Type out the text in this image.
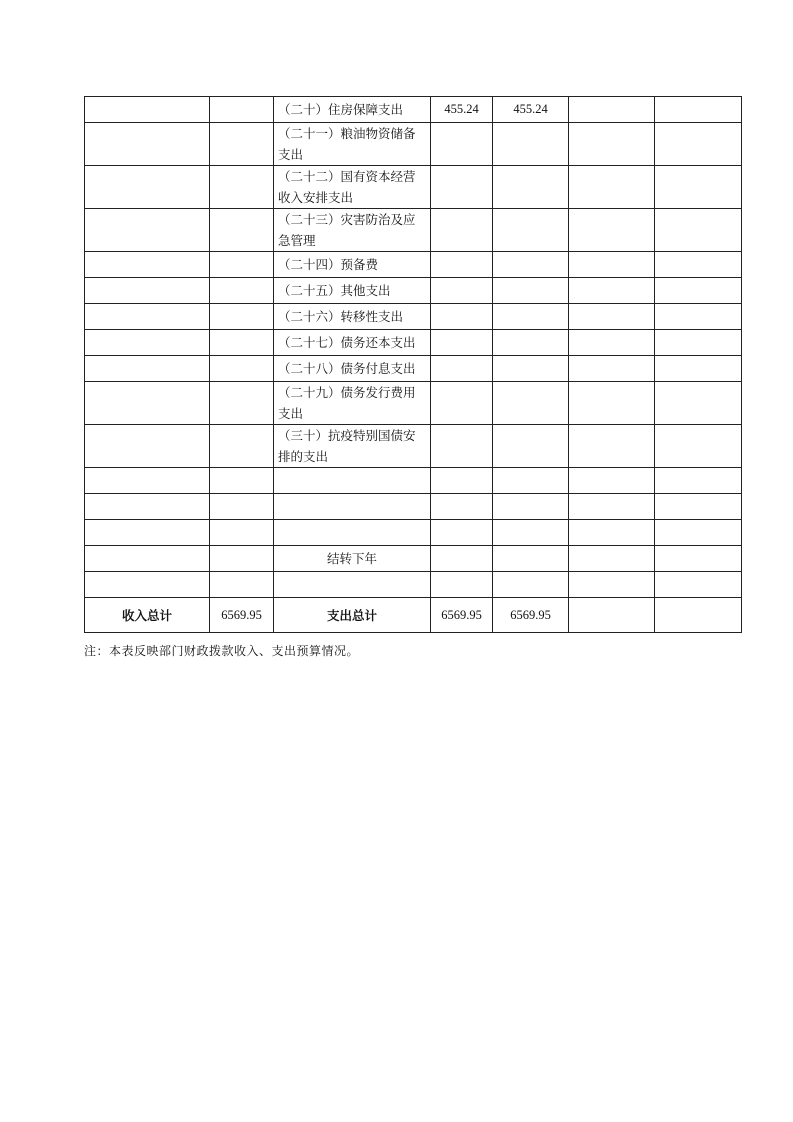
		（二十）住房保障支出	455.24	455.24		
		（二十一）粮油物资储备支出				
		（二十二）国有资本经营收入安排支出				
		（二十三）灾害防治及应急管理				
		（二十四）预备费				
		（二十五）其他支出				
		（二十六）转移性支出				
		（二十七）债务还本支出				
		（二十八）债务付息支出				
		（二十九）债务发行费用支出				
		（三十）抗疫特别国债安排的支出				

		结转下年				

收入总计	6569.95	支出总计	6569.95	6569.95		
注：本表反映部门财政拨款收入、支出预算情况。
